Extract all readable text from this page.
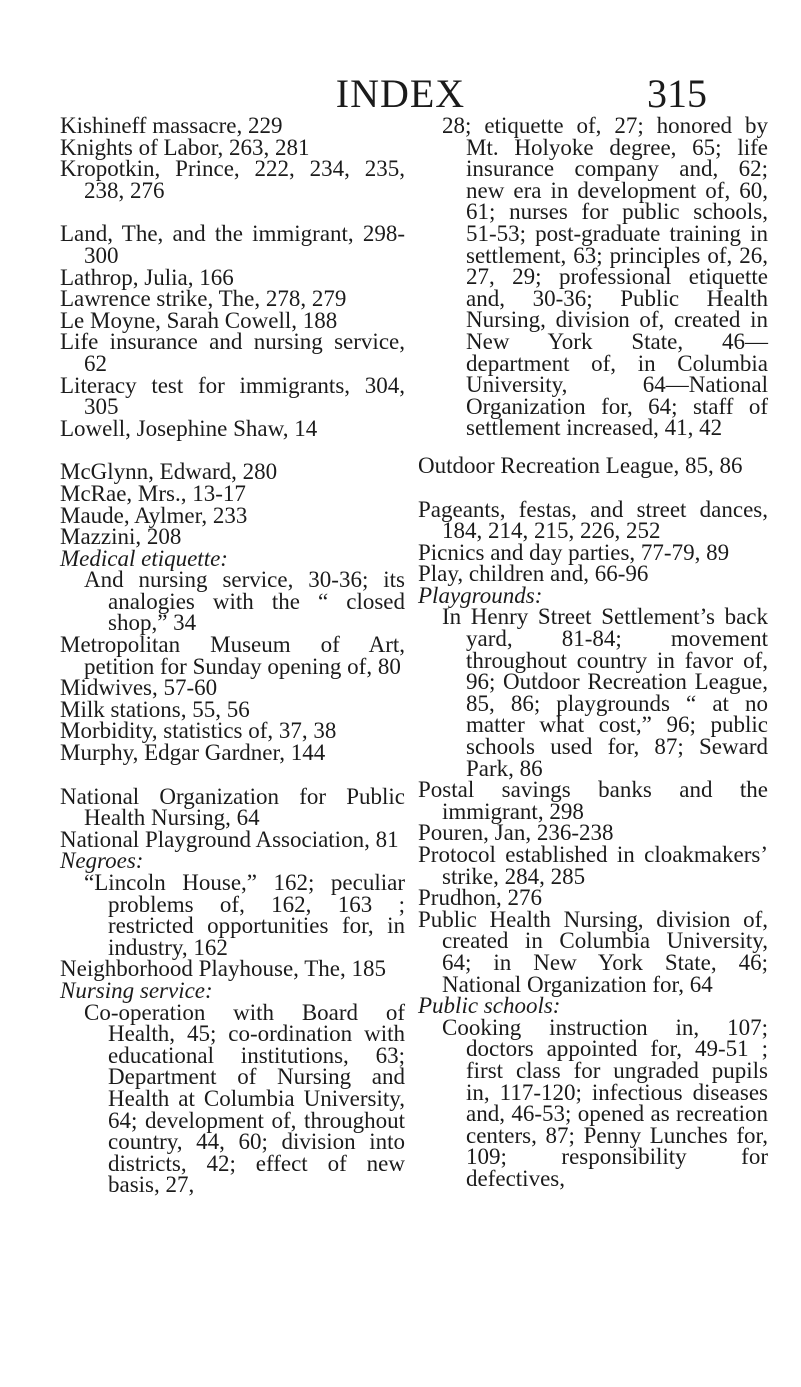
INDEX	315
Kishineff massacre, 229
Knights of Labor, 263, 281
Kropotkin, Prince, 222, 234, 235, 238, 276
Land, The, and the immigrant, 298-300
Lathrop, Julia, 166
Lawrence strike, The, 278, 279
Le Moyne, Sarah Cowell, 188
Life insurance and nursing service, 62
Literacy test for immigrants, 304, 305
Lowell, Josephine Shaw, 14
McGlynn, Edward, 280
McRae, Mrs., 13-17
Maude, Aylmer, 233
Mazzini, 208
Medical etiquette:
And nursing service, 30-36; its analogies with the “ closed shop,” 34
Metropolitan Museum of Art, petition for Sunday opening of, 80
Midwives, 57-60
Milk stations, 55, 56
Morbidity, statistics of, 37, 38
Murphy, Edgar Gardner, 144
National Organization for Public Health Nursing, 64
National Playground Association, 81
Negroes:
“Lincoln House,” 162; peculiar problems of, 162, 163 ; restricted opportunities for, in industry, 162
Neighborhood Playhouse, The, 185
Nursing service:
Co-operation with Board of Health, 45; co-ordination with educational institutions, 63; Department of Nursing and Health at Columbia University, 64; development of, throughout country, 44, 60; division into districts, 42; effect of new basis, 27,
28; etiquette of, 27; honored by Mt. Holyoke degree, 65; life insurance company and, 62; new era in development of, 60, 61; nurses for public schools, 51-53; post-graduate training in settlement, 63; principles of, 26, 27, 29; professional etiquette and, 30-36; Public Health Nursing, division of, created in New York State, 46—department of, in Columbia University, 64—National Organization for, 64; staff of settlement increased, 41, 42
Outdoor Recreation League, 85, 86
Pageants, festas, and street dances, 184, 214, 215, 226, 252
Picnics and day parties, 77-79, 89
Play, children and, 66-96
Playgrounds:
In Henry Street Settlement’s back yard, 81-84; movement throughout country in favor of, 96; Outdoor Recreation League, 85, 86; playgrounds “ at no matter what cost,” 96; public schools used for, 87; Seward Park, 86
Postal savings banks and the immigrant, 298
Pouren, Jan, 236-238
Protocol established in cloakmakers’ strike, 284, 285
Prudhon, 276
Public Health Nursing, division of, created in Columbia University, 64; in New York State, 46; National Organization for, 64
Public schools:
Cooking instruction in, 107; doctors appointed for, 49-51 ; first class for ungraded pupils in, 117-120; infectious diseases and, 46-53; opened as recreation centers, 87; Penny Lunches for, 109; responsibility for defectives,
